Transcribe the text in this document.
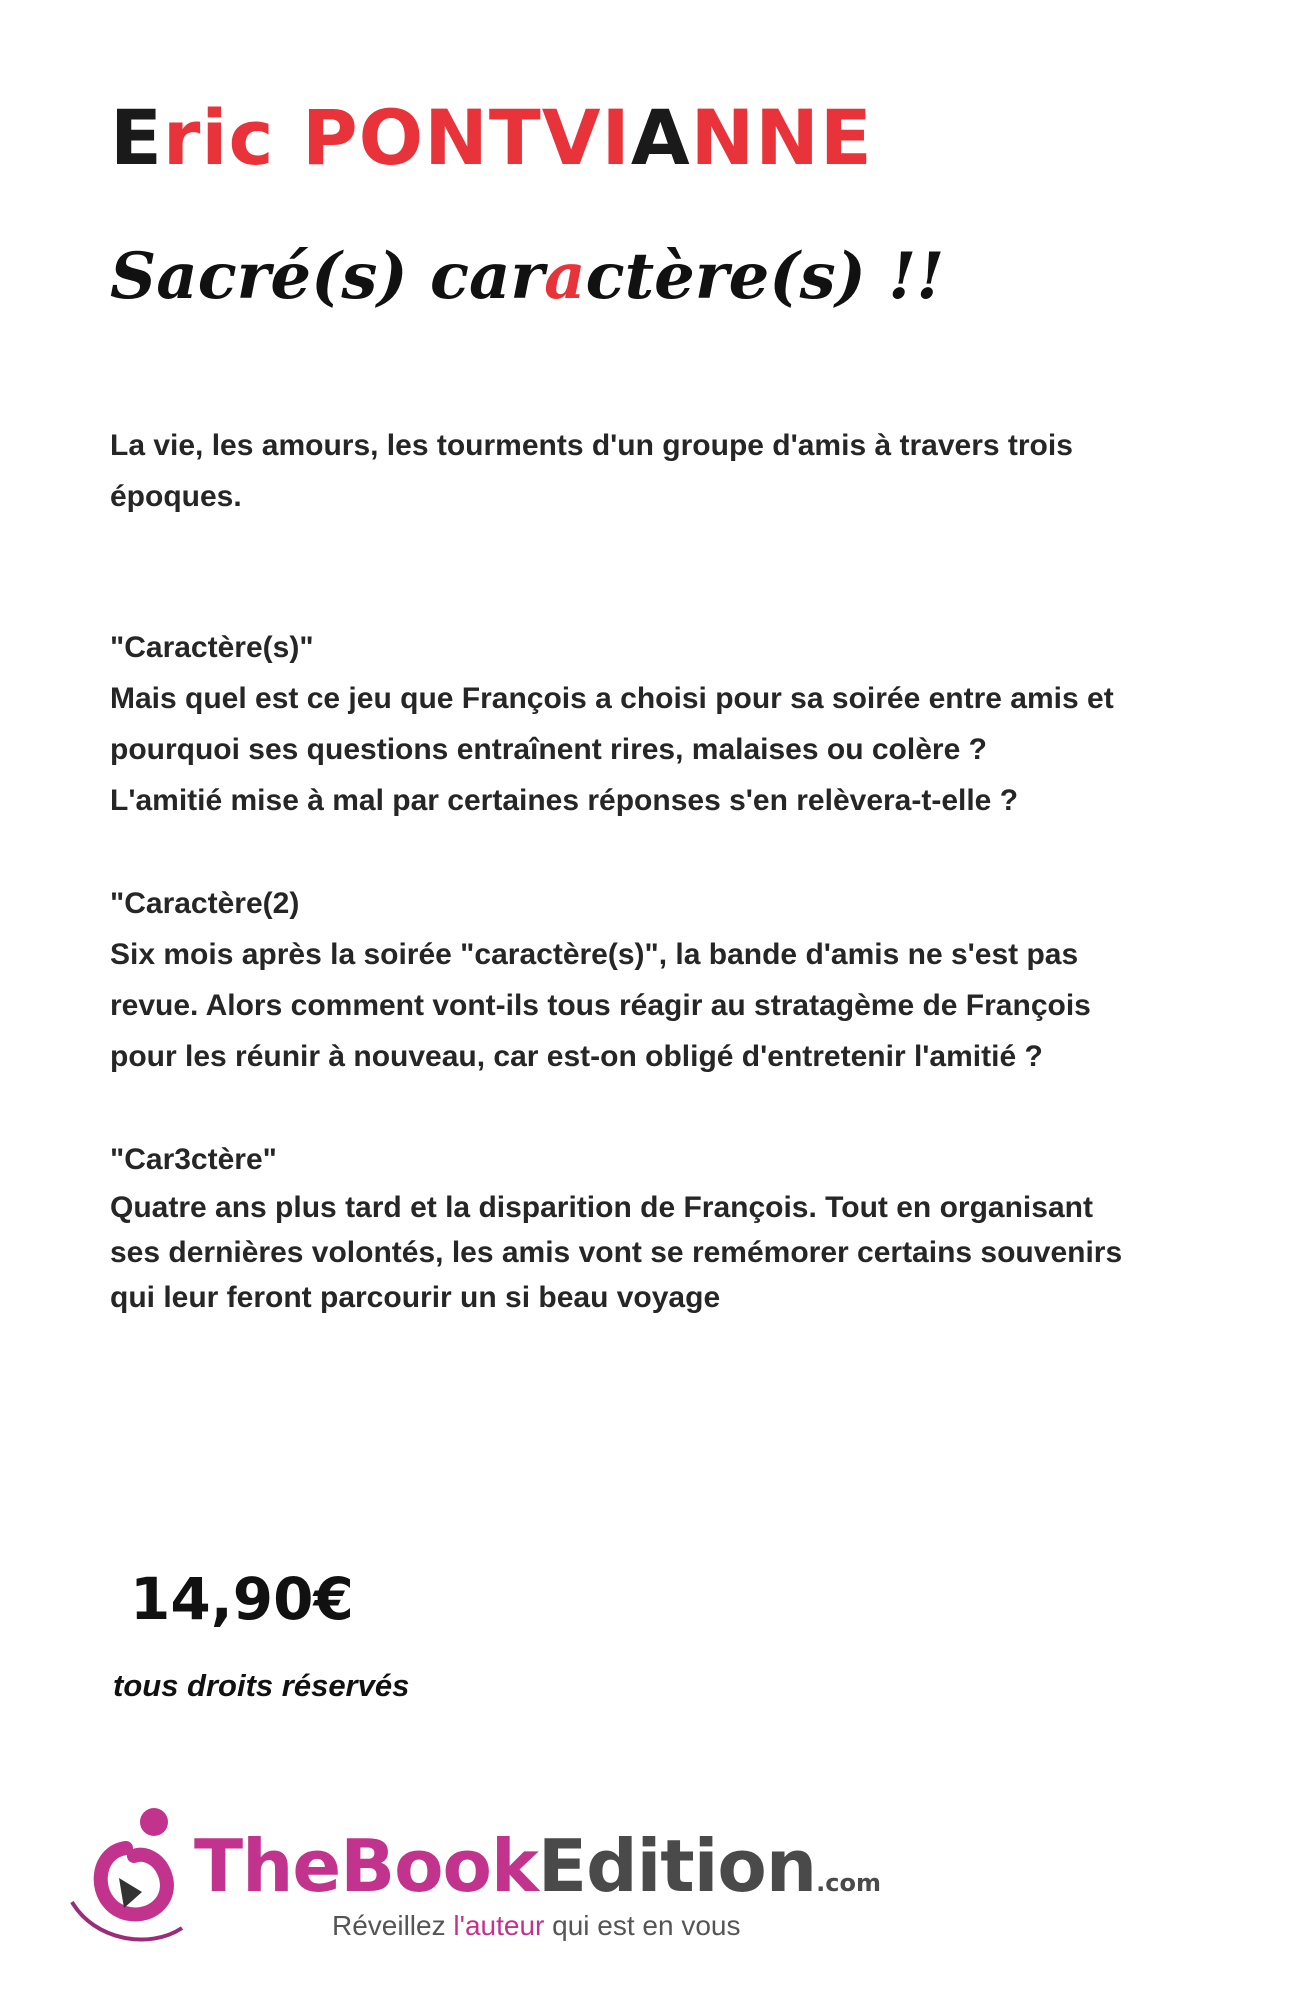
Eric PONTVIANNE
Sacré(s) caractère(s) !!

La vie, les amours, les tourments d'un groupe d'amis à travers trois époques.

"Caractère(s)"

Mais quel est ce jeu que François a choisi pour sa soirée entre amis et pourquoi ses questions entraînent rires, malaises ou colère ?

L'amitié mise à mal par certaines réponses s'en relèvera-t-elle ?

"Caractère(2)

Six mois après la soirée "caractère(s)", la bande d'amis ne s'est pas revue. Alors comment vont-ils tous réagir au stratagème de François pour les réunir à nouveau, car est-on obligé d'entretenir l'amitié ?

"Car3ctère"

Quatre ans plus tard et la disparition de François. Tout en organisant ses dernières volontés, les amis vont se remémorer certains souvenirs qui leur feront parcourir un si beau voyage

14,90€
tous droits réservés
TheBookEdition.com
Réveillez l'auteur qui est en vous
